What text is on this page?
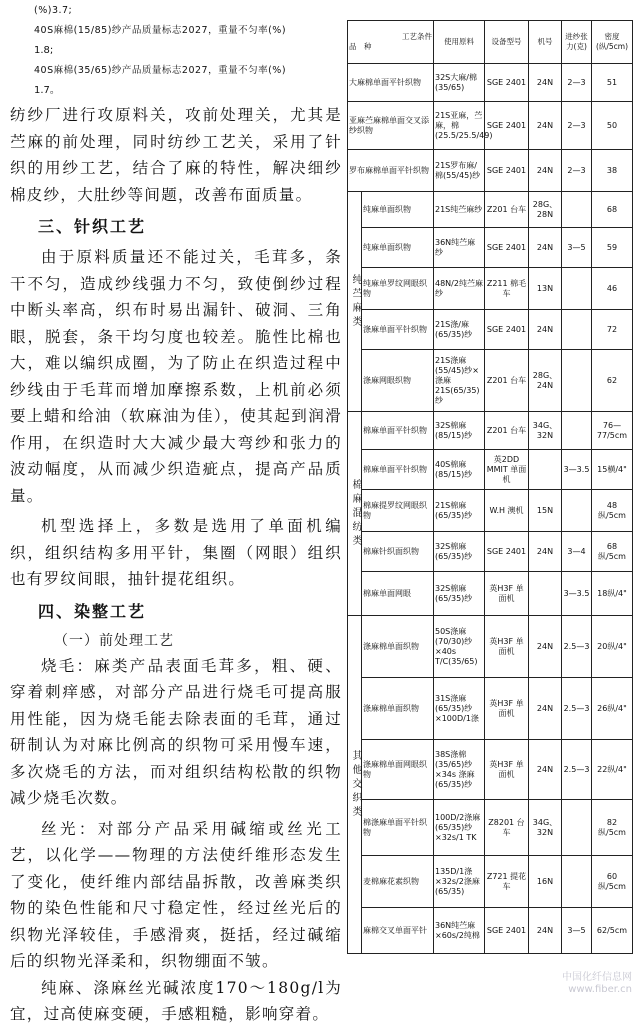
(%)3.7;
40S麻棉(15/85)纱产品质量标志2027，重量不匀率(%)
1.8;
40S麻棉(35/65)纱产品质量标志2027，重量不匀率(%)
1.7。

纺纱厂进行攻原料关，攻前处理关，尤其是苎麻的前处理，同时纺纱工艺关，采用了针织的用纱工艺，结合了麻的特性，解决细纱棉皮纱，大肚纱等间题，改善布面质量。

三、针织工艺

由于原料质量还不能过关，毛茸多，条干不匀，造成纱线强力不匀，致使倒纱过程中断头率高，织布时易出漏针、破洞、三角眼，脱套，条干均匀度也较差。脆性比棉也大，难以编织成圈，为了防止在织造过程中纱线由于毛茸而增加摩擦系数，上机前必须要上蜡和给油（软麻油为佳），使其起到润滑作用，在织造时大大减少最大弯纱和张力的波动幅度，从而减少织造疵点，提高产品质量。

机型选择上，多数是选用了单面机编织，组织结构多用平针，集圈（网眼）组织也有罗纹间眼，抽针提花组织。

四、染整工艺
（一）前处理工艺

烧毛：麻类产品表面毛茸多，粗、硬、穿着刺痒感，对部分产品进行烧毛可提高服用性能，因为烧毛能去除表面的毛茸，通过研制认为对麻比例高的织物可采用慢车速，多次烧毛的方法，而对组织结构松散的织物减少烧毛次数。

丝光：对部分产品采用碱缩或丝光工艺，以化学——物理的方法使纤维形态发生了变化，使纤维内部结晶拆散，改善麻类织物的染色性能和尺寸稳定性，经过丝光后的织物光泽较佳，手感滑爽，挺括，经过碱缩后的织物光泽柔和，织物绷面不皱。

纯麻、涤麻丝光碱浓度170～180g/l为宜，过高使麻变硬，手感粗糙，影响穿着。

工艺条件
品　种		使用原料	设备型号	机号	进纱张力(克)	密度(纵/5cm)
大麻棉单面平针织物		32S大麻/棉(35/65)	SGE 2401	24N	2—3	51
亚麻苎麻棉单面交叉添纱织物		21S亚麻，苎麻，棉(25.5/25.5/49)	SGE 2401	24N	2—3	50
罗布麻棉单面平针织物		21S罗布麻/棉(55/45)纱	SGE 2401	24N	2—3	38

纯苎麻类	纯麻单面织物	21S纯苎麻纱	Z201 台车	28G、28N		68
	纯麻单面织物	36N纯苎麻纱	SGE 2401	24N	3—5	59
	纯麻单罗纹网眼织物	48N/2纯苎麻纱	Z211 棉毛车	13N		46
	涤麻单面平针织物	21S涤/麻(65/35)纱	SGE 2401	24N		72
	涤麻网眼织物	21S涤麻(55/45)纱×涤麻21S(65/35)纱	Z201 台车	28G、24N		62

棉麻混纺类	棉麻单面平针织物	32S棉麻(85/15)纱	Z201 台车	34G、32N		76—77/5cm
	棉麻单面平针织物	40S棉麻(85/15)纱	英2DD MMIT 单面机		3—3.5	15横/4"
	棉麻提罗纹网眼织物	21S棉麻(65/35)纱	W.H 澳机	15N		48纵/5cm
	棉麻针织面织物	32S棉麻(65/35)纱	SGE 2401	24N	3—4	68纵/5cm
	棉麻单面网眼	32S棉麻(65/35)纱	英H3F 单面机		3—3.5	18纵/4"

其他交织类	涤麻棉单面织物	50S涤麻(70/30)纱×40s T/C(35/65)	英H3F 单面机	24N	2.5—3	20纵/4"
	涤麻棉单面织物	31S涤麻(65/35)纱×100D/1涤	英H3F 单面机	24N	2.5—3	26纵/4"
	涤麻棉单面网眼织物	38S涤棉(35/65)纱×34s 涤麻(65/35)纱	英H3F 单面机	24N	2.5—3	22纵/4"
	棉涤麻单面平针织物	100D/2涤麻(65/35)纱×32s/1 TK	Z8201 台车	34G、32N		82纵/5cm
	麦棉麻花素织物	135D/1涤×32s/2涤麻(65/35)	Z721 提花车	16N		60纵/5cm
	麻棉交叉单面平针	36N纯苎麻×60s/2纯棉	SGE 2401	24N	3—5	62/5cm
中国化纤信息网
www.fiber.cn
